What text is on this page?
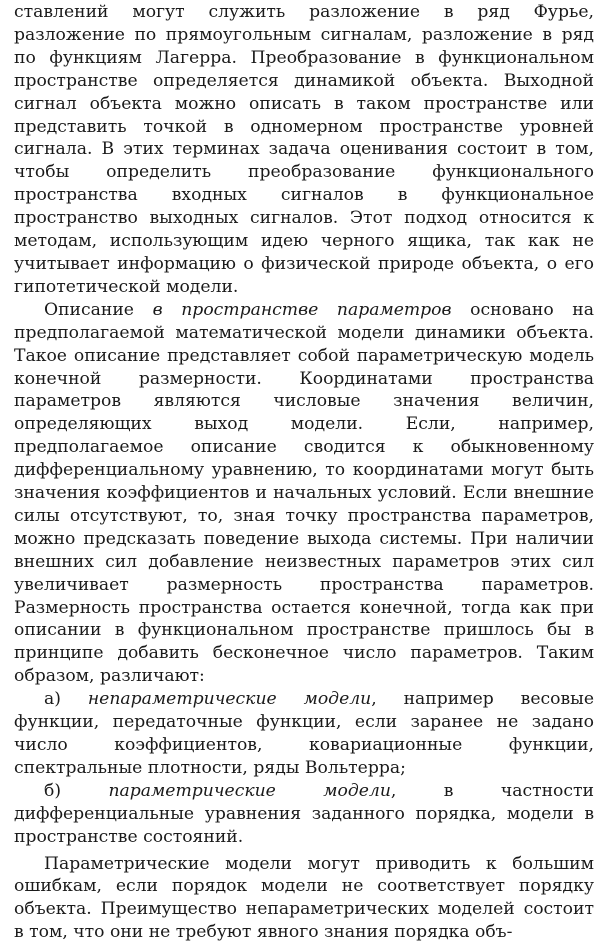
ставлений могут служить разложение в ряд Фурье, разложение по прямоугольным сигналам, разложение в ряд по функциям Лагерра. Преобразование в функциональном пространстве определяется динамикой объекта. Выходной сигнал объекта можно описать в таком пространстве или представить точкой в одномерном пространстве уровней сигнала. В этих терминах задача оценивания состоит в том, чтобы определить преобразование функционального пространства входных сигналов в функциональное пространство выходных сигналов. Этот подход относится к методам, использующим идею черного ящика, так как не учитывает информацию о физической природе объекта, о его гипотетической модели.

Описание в пространстве параметров основано на предполагаемой математической модели динамики объекта. Такое описание представляет собой параметрическую модель конечной размерности. Координатами пространства параметров являются числовые значения величин, определяющих выход модели. Если, например, предполагаемое описание сводится к обыкновенному дифференциальному уравнению, то координатами могут быть значения коэффициентов и начальных условий. Если внешние силы отсутствуют, то, зная точку пространства параметров, можно предсказать поведение выхода системы. При наличии внешних сил добавление неизвестных параметров этих сил увеличивает размерность пространства параметров. Размерность пространства остается конечной, тогда как при описании в функциональном пространстве пришлось бы в принципе добавить бесконечное число параметров. Таким образом, различают:

а) непараметрические модели, например весовые функции, передаточные функции, если заранее не задано число коэффициентов, ковариационные функции, спектральные плотности, ряды Вольтерра;

б)	параметрические модели, в частности дифференциальные уравнения заданного порядка, модели в пространстве состояний.

Параметрические модели могут приводить к большим ошибкам, если порядок модели не соответствует порядку объекта. Преимущество непараметрических моделей состоит в том, что они не требуют явного знания порядка объ-
